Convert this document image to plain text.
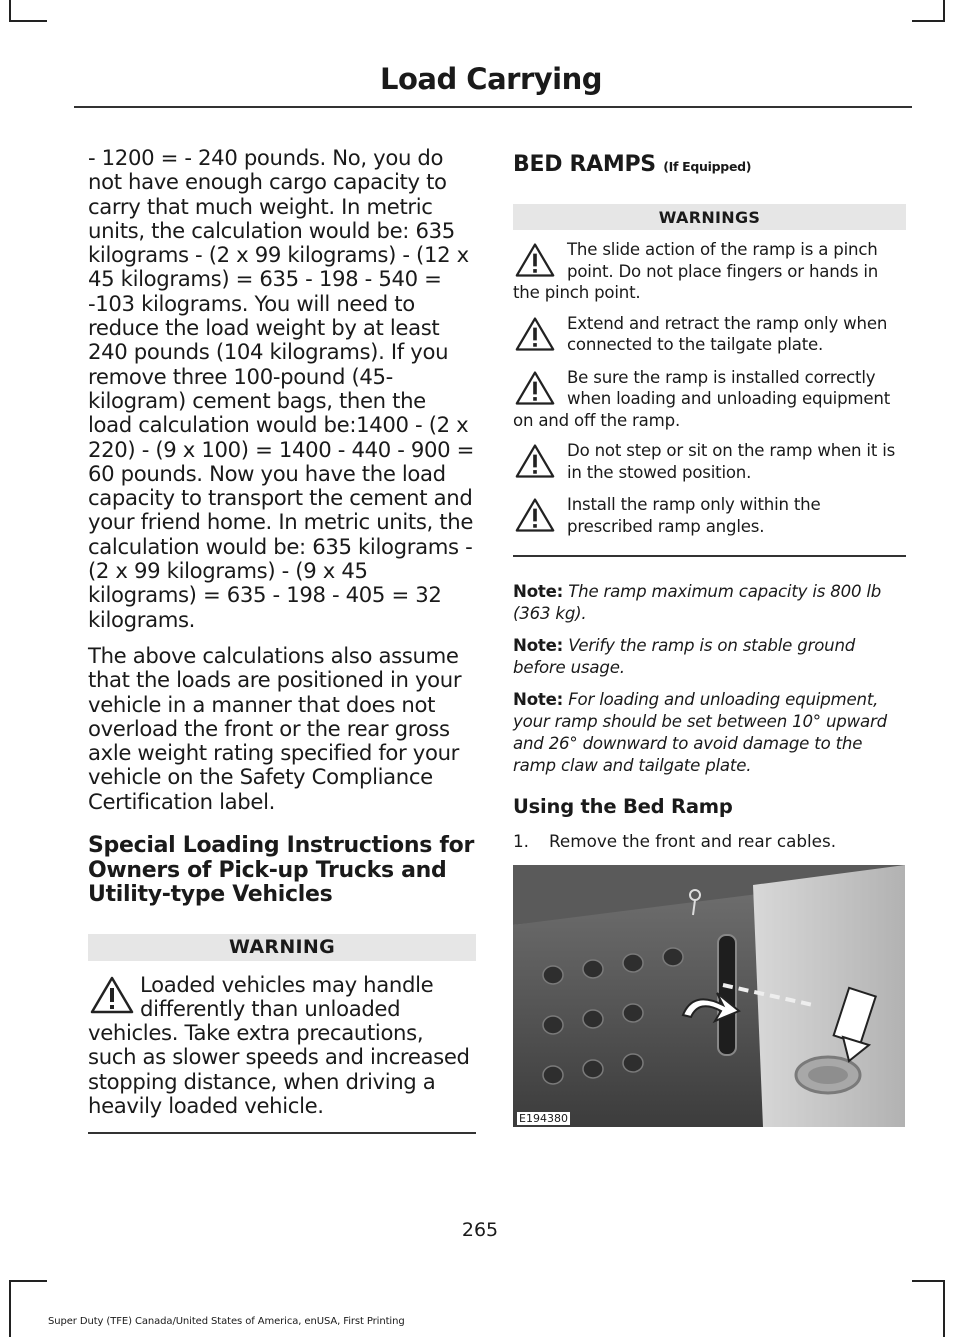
Load Carrying

- 1200 = - 240 pounds. No, you do not have enough cargo capacity to carry that much weight. In metric units, the calculation would be: 635 kilograms - (2 x 99 kilograms) - (12 x 45 kilograms) = 635 - 198 - 540 = -103 kilograms. You will need to reduce the load weight by at least 240 pounds (104 kilograms). If you remove three 100-pound (45-kilogram) cement bags, then the load calculation would be:1400 - (2 x 220) - (9 x 100) = 1400 - 440 - 900 = 60 pounds. Now you have the load capacity to transport the cement and your friend home. In metric units, the calculation would be: 635 kilograms - (2 x 99 kilograms) - (9 x 45 kilograms) = 635 - 198 - 405 = 32 kilograms.

The above calculations also assume that the loads are positioned in your vehicle in a manner that does not overload the front or the rear gross axle weight rating specified for your vehicle on the Safety Compliance Certification label.

Special Loading Instructions for Owners of Pick-up Trucks and Utility-type Vehicles
WARNING
Loaded vehicles may handle differently than unloaded vehicles. Take extra precautions, such as slower speeds and increased stopping distance, when driving a heavily loaded vehicle.
BED RAMPS (If Equipped)
WARNINGS
The slide action of the ramp is a pinch point. Do not place fingers or hands in the pinch point.
Extend and retract the ramp only when connected to the tailgate plate.
Be sure the ramp is installed correctly when loading and unloading equipment on and off the ramp.
Do not step or sit on the ramp when it is in the stowed position.
Install the ramp only within the prescribed ramp angles.

Note: The ramp maximum capacity is 800 lb (363 kg).

Note: Verify the ramp is on stable ground before usage.

Note: For loading and unloading equipment, your ramp should be set between 10° upward and 26° downward to avoid damage to the ramp claw and tailgate plate.

Using the Bed Ramp
1.	Remove the front and rear cables.
E194380
265
Super Duty (TFE) Canada/United States of America, enUSA, First Printing
